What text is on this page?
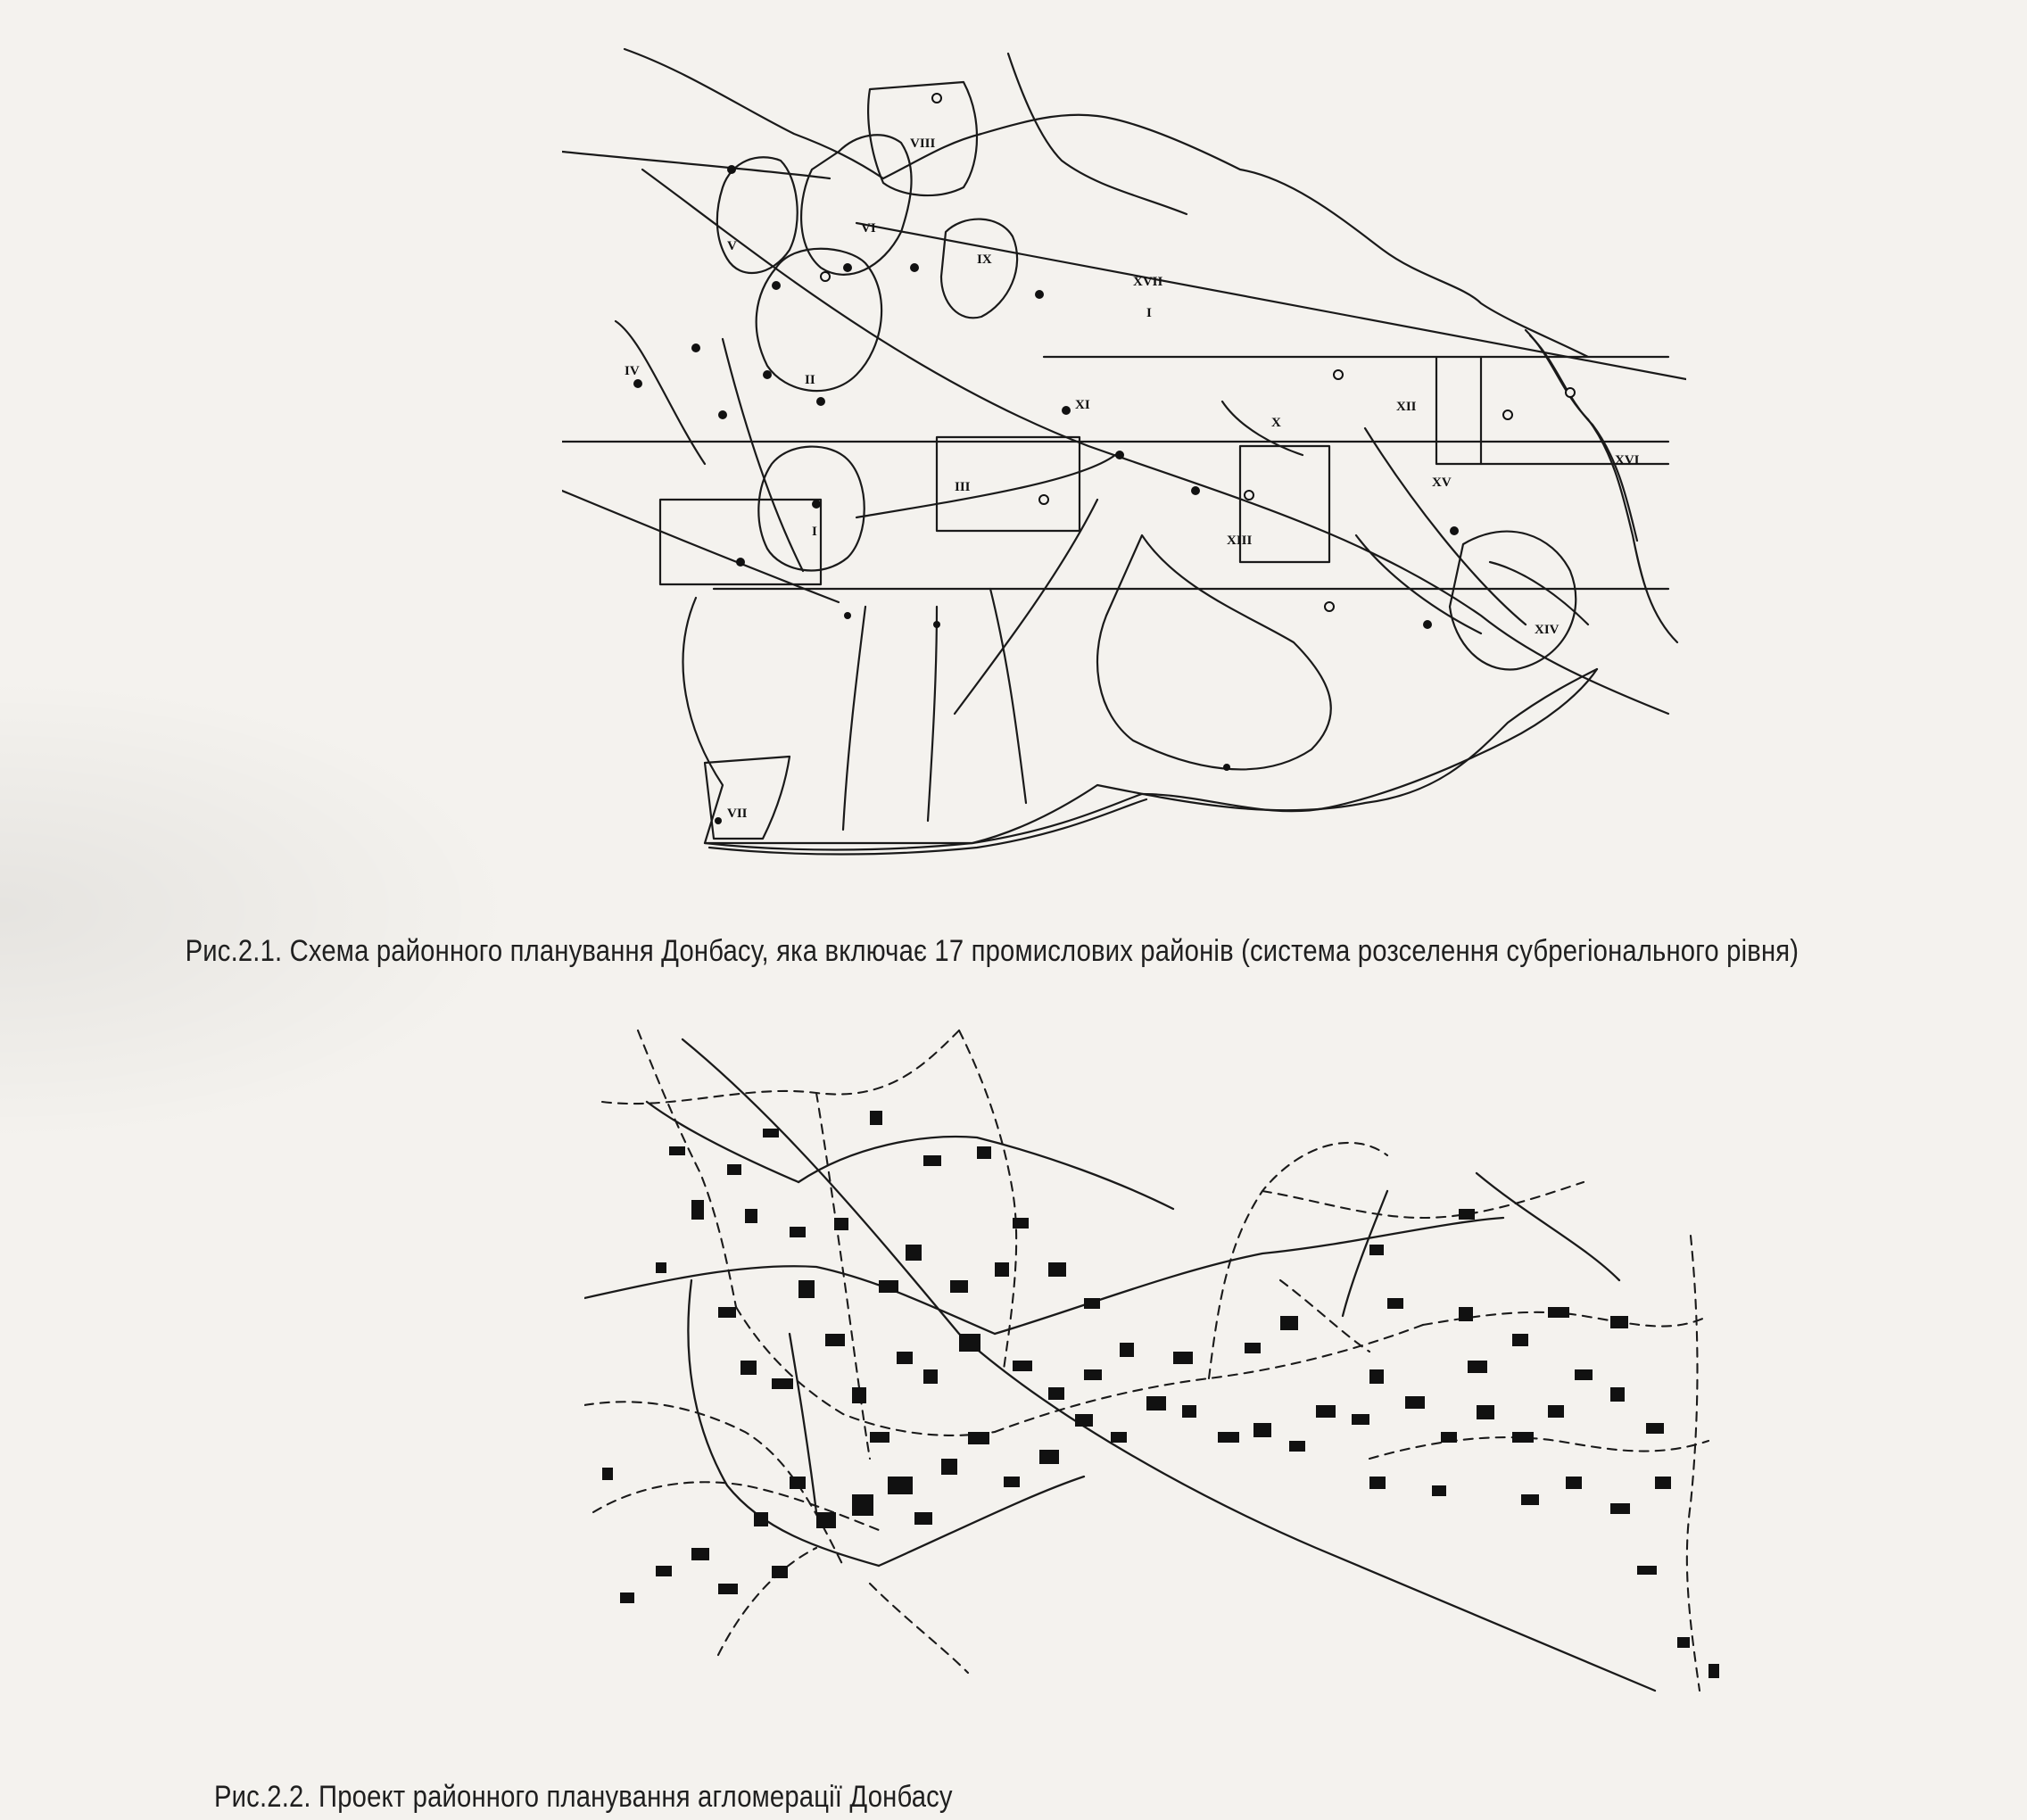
VIII
VI
V
IX
XVII
I
IV
II
XI
X
XII
XVI
XV
III
I
XIII
XIV
VII

Рис.2.1. Схема районного планування Донбасу, яка включає 17 промислових районів (система розселення субрегіонального рівня)

Рис.2.2. Проект районного планування агломерації Донбасу
